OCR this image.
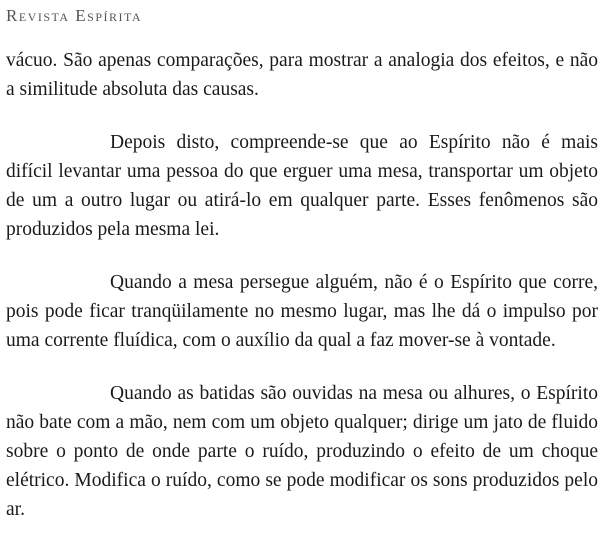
Revista Espírita

vácuo. São apenas comparações, para mostrar a analogia dos efeitos, e não a similitude absoluta das causas.

Depois disto, compreende-se que ao Espírito não é mais difícil levantar uma pessoa do que erguer uma mesa, transportar um objeto de um a outro lugar ou atirá-lo em qualquer parte. Esses fenômenos são produzidos pela mesma lei.

Quando a mesa persegue alguém, não é o Espírito que corre, pois pode ficar tranqüilamente no mesmo lugar, mas lhe dá o impulso por uma corrente fluídica, com o auxílio da qual a faz mover-se à vontade.

Quando as batidas são ouvidas na mesa ou alhures, o Espírito não bate com a mão, nem com um objeto qualquer; dirige um jato de fluido sobre o ponto de onde parte o ruído, produzindo o efeito de um choque elétrico. Modifica o ruído, como se pode modificar os sons produzidos pelo ar.
